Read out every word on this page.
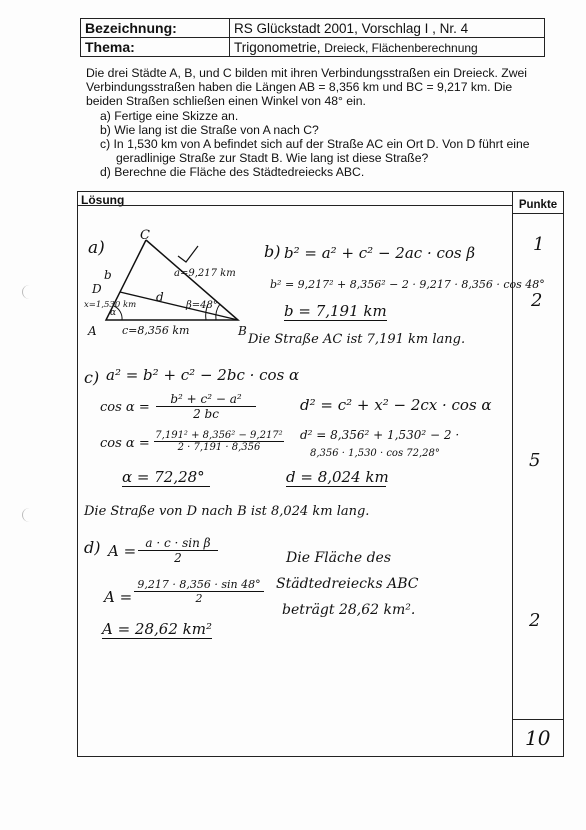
Bezeichnung:	RS Glückstadt 2001, Vorschlag I , Nr. 4
Thema:	Trigonometrie, Dreieck, Flächenberechnung

Die drei Städte A, B, und C bilden mit ihren Verbindungsstraßen ein Dreieck. Zwei Verbindungsstraßen haben die Längen AB = 8,356 km und BC = 9,217 km. Die beiden Straßen schließen einen Winkel von 48° ein.

a) Fertige eine Skizze an.
b) Wie lang ist die Straße von A nach C?
c) In 1,530 km von A befindet sich auf der Straße AC ein Ort D. Von D führt eine geradlinige Straße zur Stadt B. Wie lang ist diese Straße?
d) Berechne die Fläche des Städtedreiecks ABC.
Lösung	Punkte
1
2
5
2
10
a)
C
D
A	B
a=9,217 km
b
c=8,356 km
x=1,530 km
d
α
β=48°
b) b² = a² + c² − 2ac · cos β
b² = 9,217² + 8,356² − 2 · 9,217 · 8,356 · cos 48°
b = 7,191 km
Die Straße AC ist 7,191 km lang.
c) a² = b² + c² − 2bc · cos α
cos α =
b² + c² − a²
2 bc	d² = c² + x² − 2cx · cos α
cos α =
7,191² + 8,356² − 9,217²
2 · 7,191 · 8,356
d² = 8,356² + 1,530² − 2 ·
8,356 · 1,530 · cos 72,28°
α = 72,28°	d = 8,024 km
Die Straße von D nach B ist 8,024 km lang.
d) A = a · c · sin β
2
A =
9,217 · 8,356 · sin 48°
2
A = 28,62 km²
Die Fläche des
Städtedreiecks ABC
beträgt 28,62 km².
